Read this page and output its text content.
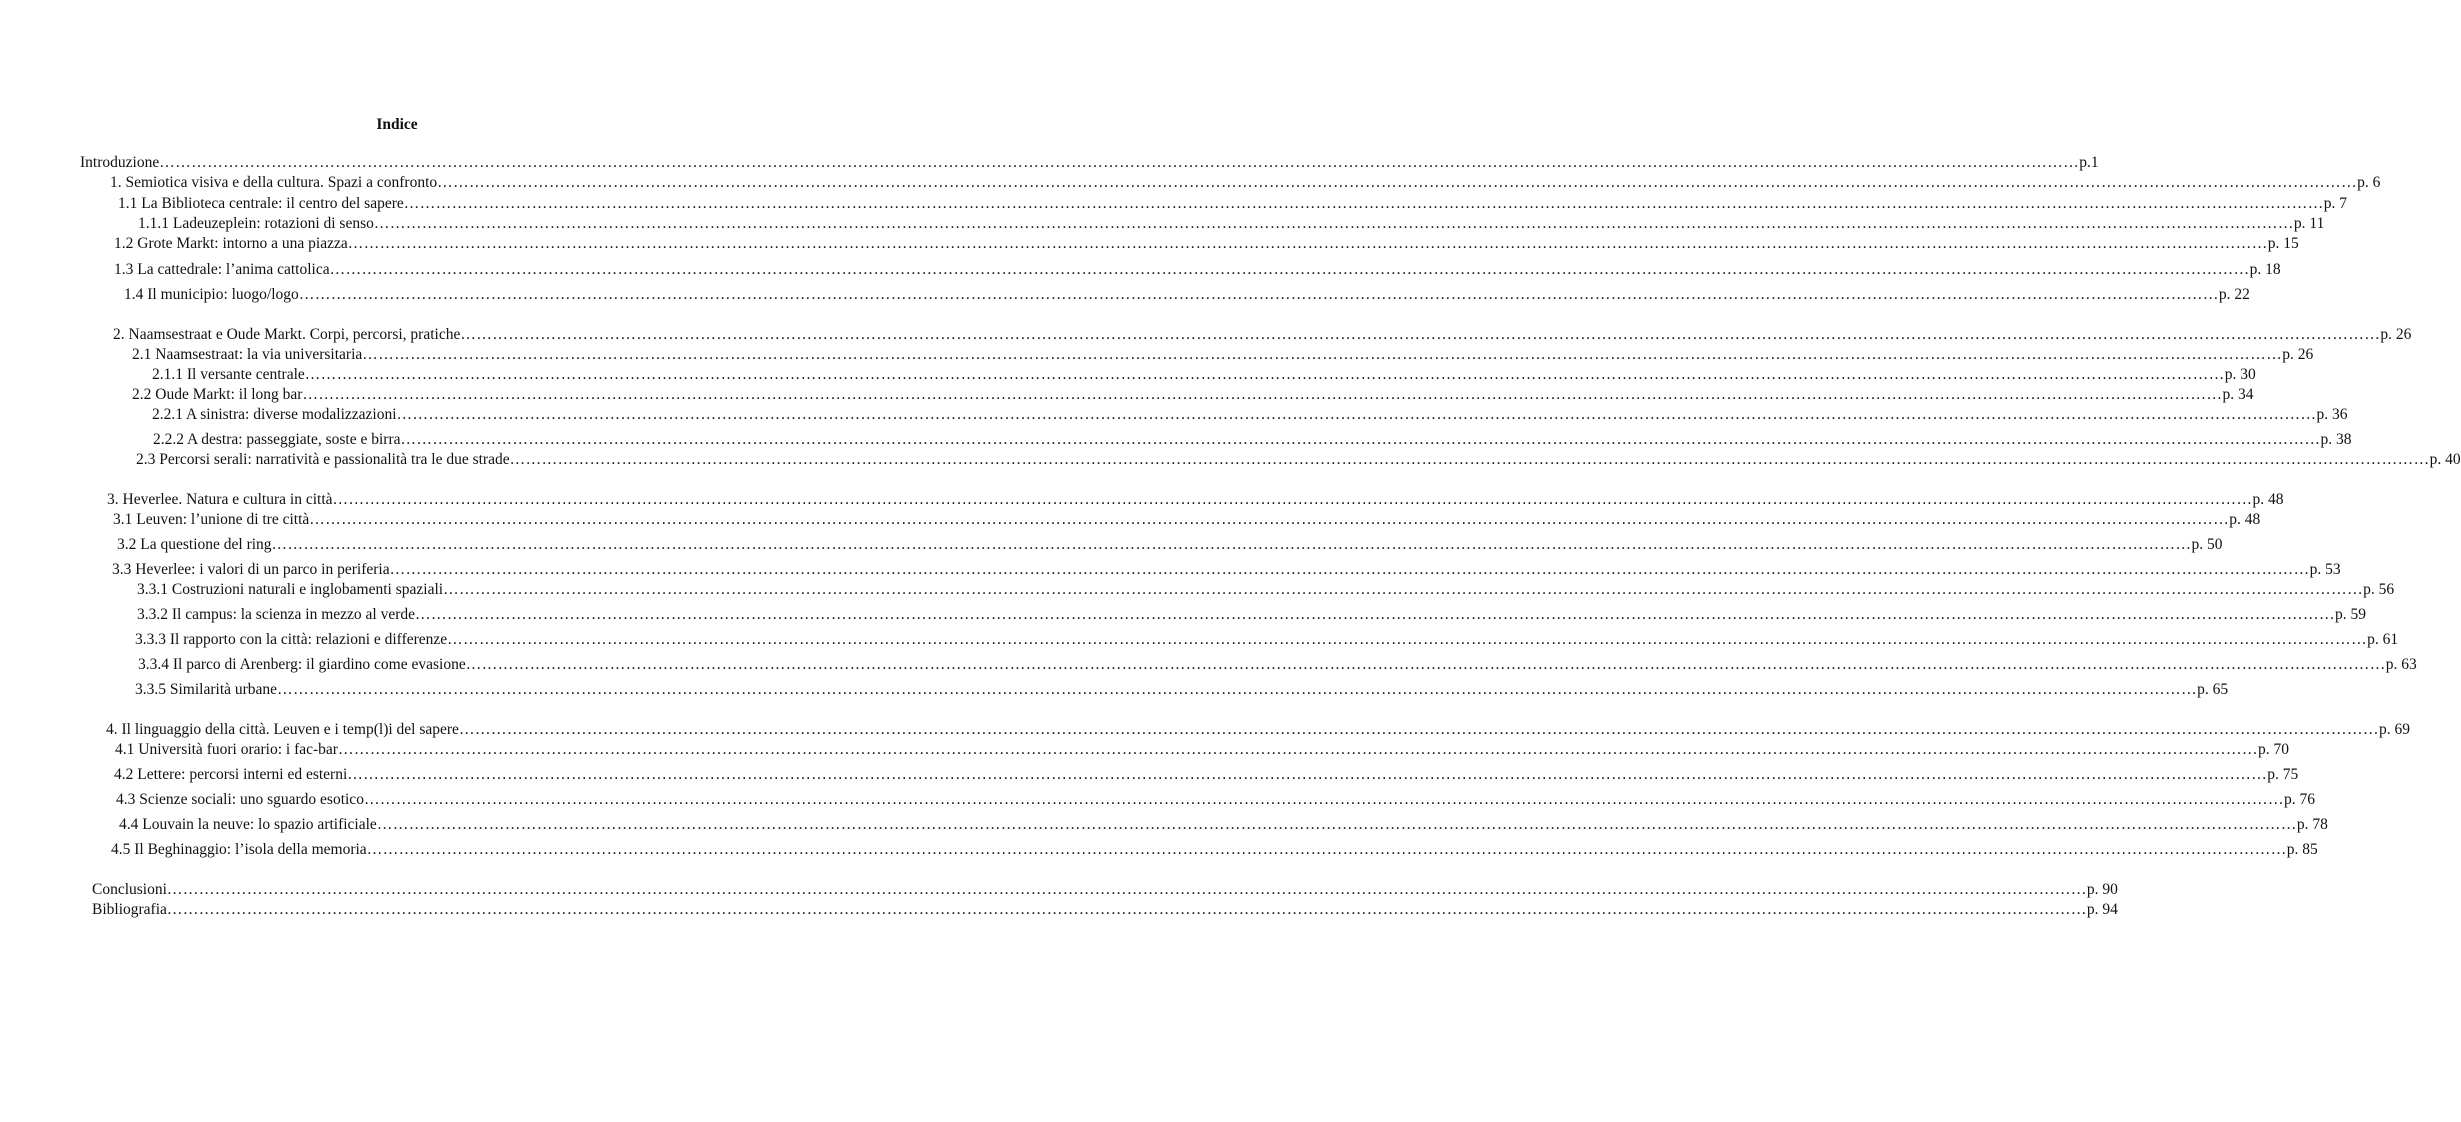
Indice
Introduzione ……………………………………………………………………………………………………………………………………………………………………………………………………………………………………………………………………………………………………………………………… p.1
1. Semiotica visiva e della cultura. Spazi a confronto ……………………………………………………………………………………………………………………………………………………………………………………………………………………………………………………………………………………………………………………………… p. 6
1.1 La Biblioteca centrale: il centro del sapere ……………………………………………………………………………………………………………………………………………………………………………………………………………………………………………………………………………………………………………………………… p. 7
1.1.1 Ladeuzeplein: rotazioni di senso ……………………………………………………………………………………………………………………………………………………………………………………………………………………………………………………………………………………………………………………………… p. 11
1.2 Grote Markt: intorno a una piazza ……………………………………………………………………………………………………………………………………………………………………………………………………………………………………………………………………………………………………………………………… p. 15
1.3 La cattedrale: l’anima cattolica ……………………………………………………………………………………………………………………………………………………………………………………………………………………………………………………………………………………………………………………………… p. 18
1.4 Il municipio: luogo/logo ……………………………………………………………………………………………………………………………………………………………………………………………………………………………………………………………………………………………………………………………… p. 22
2. Naamsestraat e Oude Markt. Corpi, percorsi, pratiche ……………………………………………………………………………………………………………………………………………………………………………………………………………………………………………………………………………………………………………………………… p. 26
2.1 Naamsestraat: la via universitaria ……………………………………………………………………………………………………………………………………………………………………………………………………………………………………………………………………………………………………………………………… p. 26
2.1.1 Il versante centrale ……………………………………………………………………………………………………………………………………………………………………………………………………………………………………………………………………………………………………………………………… p. 30
2.2 Oude Markt: il long bar ……………………………………………………………………………………………………………………………………………………………………………………………………………………………………………………………………………………………………………………………… p. 34
2.2.1 A sinistra: diverse modalizzazioni ……………………………………………………………………………………………………………………………………………………………………………………………………………………………………………………………………………………………………………………………… p. 36
2.2.2 A destra: passeggiate, soste e birra ……………………………………………………………………………………………………………………………………………………………………………………………………………………………………………………………………………………………………………………………… p. 38
2.3 Percorsi serali: narratività e passionalità tra le due strade ……………………………………………………………………………………………………………………………………………………………………………………………………………………………………………………………………………………………………………………………… p. 40
3. Heverlee. Natura e cultura in città ……………………………………………………………………………………………………………………………………………………………………………………………………………………………………………………………………………………………………………………………… p. 48
3.1 Leuven: l’unione di tre città ……………………………………………………………………………………………………………………………………………………………………………………………………………………………………………………………………………………………………………………………… p. 48
3.2 La questione del ring ……………………………………………………………………………………………………………………………………………………………………………………………………………………………………………………………………………………………………………………………… p. 50
3.3 Heverlee: i valori di un parco in periferia ……………………………………………………………………………………………………………………………………………………………………………………………………………………………………………………………………………………………………………………………… p. 53
3.3.1 Costruzioni naturali e inglobamenti spaziali ……………………………………………………………………………………………………………………………………………………………………………………………………………………………………………………………………………………………………………………………… p. 56
3.3.2 Il campus: la scienza in mezzo al verde ……………………………………………………………………………………………………………………………………………………………………………………………………………………………………………………………………………………………………………………………… p. 59
3.3.3 Il rapporto con la città: relazioni e differenze ……………………………………………………………………………………………………………………………………………………………………………………………………………………………………………………………………………………………………………………………… p. 61
3.3.4 Il parco di Arenberg: il giardino come evasione ……………………………………………………………………………………………………………………………………………………………………………………………………………………………………………………………………………………………………………………………… p. 63
3.3.5 Similarità urbane ……………………………………………………………………………………………………………………………………………………………………………………………………………………………………………………………………………………………………………………………… p. 65
4. Il linguaggio della città. Leuven e i temp(l)i del sapere ……………………………………………………………………………………………………………………………………………………………………………………………………………………………………………………………………………………………………………………………… p. 69
4.1 Università fuori orario: i fac-bar ……………………………………………………………………………………………………………………………………………………………………………………………………………………………………………………………………………………………………………………………… p. 70
4.2 Lettere: percorsi interni ed esterni ……………………………………………………………………………………………………………………………………………………………………………………………………………………………………………………………………………………………………………………………… p. 75
4.3 Scienze sociali: uno sguardo esotico ……………………………………………………………………………………………………………………………………………………………………………………………………………………………………………………………………………………………………………………………… p. 76
4.4 Louvain la neuve: lo spazio artificiale ……………………………………………………………………………………………………………………………………………………………………………………………………………………………………………………………………………………………………………………………… p. 78
4.5 Il Beghinaggio: l’isola della memoria ……………………………………………………………………………………………………………………………………………………………………………………………………………………………………………………………………………………………………………………………… p. 85
Conclusioni ……………………………………………………………………………………………………………………………………………………………………………………………………………………………………………………………………………………………………………………………… p. 90
Bibliografia ……………………………………………………………………………………………………………………………………………………………………………………………………………………………………………………………………………………………………………………………… p. 94
